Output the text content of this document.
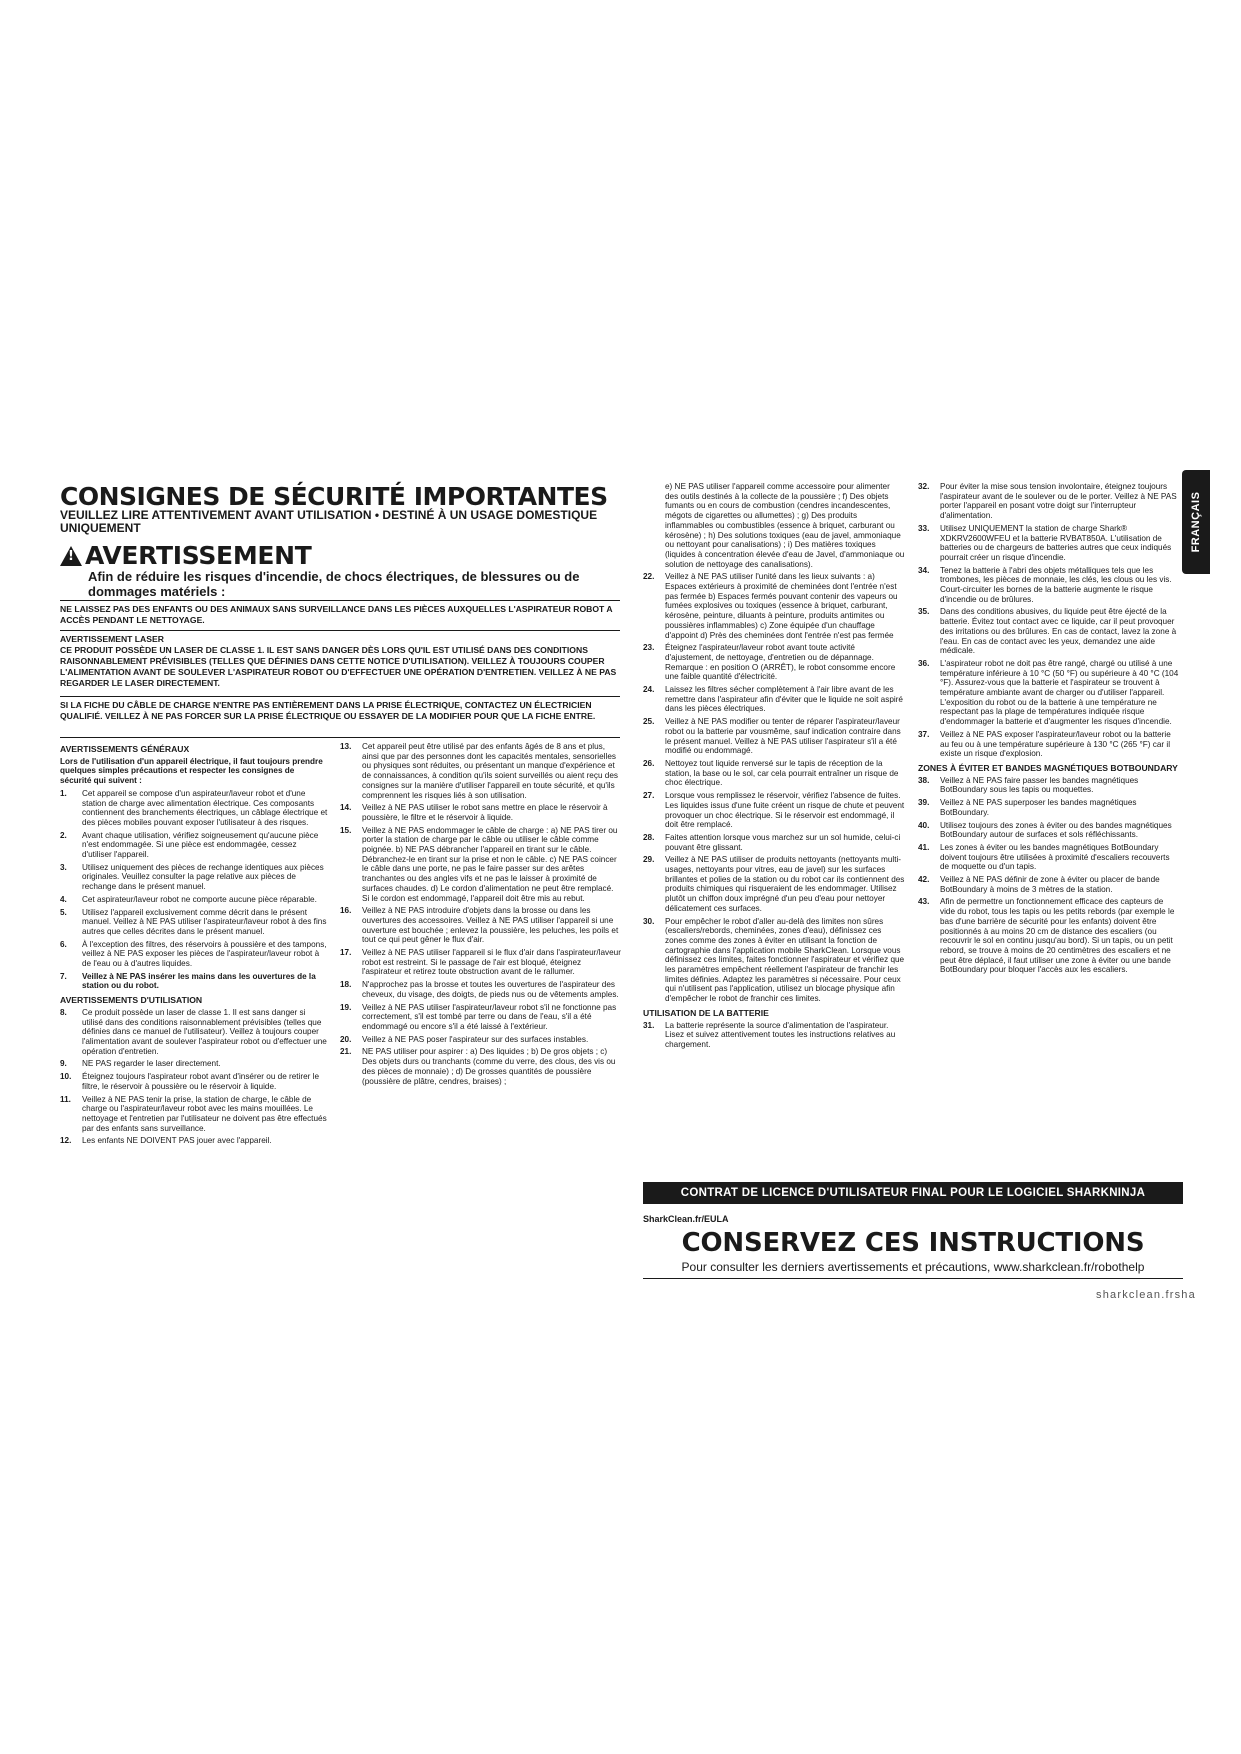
CONSIGNES DE SÉCURITÉ IMPORTANTES
VEUILLEZ LIRE ATTENTIVEMENT AVANT UTILISATION • DESTINÉ À UN USAGE DOMESTIQUE UNIQUEMENT
!
AVERTISSEMENT
Afin de réduire les risques d'incendie, de chocs électriques, de blessures ou de dommages matériels :
NE LAISSEZ PAS DES ENFANTS OU DES ANIMAUX SANS SURVEILLANCE DANS LES PIÈCES AUXQUELLES L'ASPIRATEUR ROBOT A ACCÈS PENDANT LE NETTOYAGE.
AVERTISSEMENT LASER
CE PRODUIT POSSÈDE UN LASER DE CLASSE 1. IL EST SANS DANGER DÈS LORS QU'IL EST UTILISÉ DANS DES CONDITIONS RAISONNABLEMENT PRÉVISIBLES (TELLES QUE DÉFINIES DANS CETTE NOTICE D'UTILISATION). VEILLEZ À TOUJOURS COUPER L'ALIMENTATION AVANT DE SOULEVER L'ASPIRATEUR ROBOT OU D'EFFECTUER UNE OPÉRATION D'ENTRETIEN. VEILLEZ À NE PAS REGARDER LE LASER DIRECTEMENT.
SI LA FICHE DU CÂBLE DE CHARGE N'ENTRE PAS ENTIÈREMENT DANS LA PRISE ÉLECTRIQUE, CONTACTEZ UN ÉLECTRICIEN QUALIFIÉ. VEILLEZ À NE PAS FORCER SUR LA PRISE ÉLECTRIQUE OU ESSAYER DE LA MODIFIER POUR QUE LA FICHE ENTRE.
AVERTISSEMENTS GÉNÉRAUX

Lors de l'utilisation d'un appareil électrique, il faut toujours prendre quelques simples précautions et respecter les consignes de sécurité qui suivent :

1.	Cet appareil se compose d'un aspirateur/laveur robot et d'une station de charge avec alimentation électrique. Ces composants contiennent des branchements électriques, un câblage électrique et des pièces mobiles pouvant exposer l'utilisateur à des risques.
2.	Avant chaque utilisation, vérifiez soigneusement qu'aucune pièce n'est endommagée. Si une pièce est endommagée, cessez d'utiliser l'appareil.
3.	Utilisez uniquement des pièces de rechange identiques aux pièces originales. Veuillez consulter la page relative aux pièces de rechange dans le présent manuel.
4.	Cet aspirateur/laveur robot ne comporte aucune pièce réparable.
5.	Utilisez l'appareil exclusivement comme décrit dans le présent manuel. Veillez à NE PAS utiliser l'aspirateur/laveur robot à des fins autres que celles décrites dans le présent manuel.
6.	À l'exception des filtres, des réservoirs à poussière et des tampons, veillez à NE PAS exposer les pièces de l'aspirateur/laveur robot à de l'eau ou à d'autres liquides.
7.	Veillez à NE PAS insérer les mains dans les ouvertures de la station ou du robot.
AVERTISSEMENTS D'UTILISATION
8.	Ce produit possède un laser de classe 1. Il est sans danger si utilisé dans des conditions raisonnablement prévisibles (telles que définies dans ce manuel de l'utilisateur). Veillez à toujours couper l'alimentation avant de soulever l'aspirateur robot ou d'effectuer une opération d'entretien.
9.	NE PAS regarder le laser directement.
10.	Éteignez toujours l'aspirateur robot avant d'insérer ou de retirer le filtre, le réservoir à poussière ou le réservoir à liquide.
11.	Veillez à NE PAS tenir la prise, la station de charge, le câble de charge ou l'aspirateur/laveur robot avec les mains mouillées. Le nettoyage et l'entretien par l'utilisateur ne doivent pas être effectués par des enfants sans surveillance.
12.	Les enfants NE DOIVENT PAS jouer avec l'appareil.
13.	Cet appareil peut être utilisé par des enfants âgés de 8 ans et plus, ainsi que par des personnes dont les capacités mentales, sensorielles ou physiques sont réduites, ou présentant un manque d'expérience et de connaissances, à condition qu'ils soient surveillés ou aient reçu des consignes sur la manière d'utiliser l'appareil en toute sécurité, et qu'ils comprennent les risques liés à son utilisation.
14.	Veillez à NE PAS utiliser le robot sans mettre en place le réservoir à poussière, le filtre et le réservoir à liquide.
15.	Veillez à NE PAS endommager le câble de charge : a) NE PAS tirer ou porter la station de charge par le câble ou utiliser le câble comme poignée. b) NE PAS débrancher l'appareil en tirant sur le câble. Débranchez-le en tirant sur la prise et non le câble. c) NE PAS coincer le câble dans une porte, ne pas le faire passer sur des arêtes tranchantes ou des angles vifs et ne pas le laisser à proximité de surfaces chaudes. d) Le cordon d'alimentation ne peut être remplacé. Si le cordon est endommagé, l'appareil doit être mis au rebut.
16.	Veillez à NE PAS introduire d'objets dans la brosse ou dans les ouvertures des accessoires. Veillez à NE PAS utiliser l'appareil si une ouverture est bouchée ; enlevez la poussière, les peluches, les poils et tout ce qui peut gêner le flux d'air.
17.	Veillez à NE PAS utiliser l'appareil si le flux d'air dans l'aspirateur/laveur robot est restreint. Si le passage de l'air est bloqué, éteignez l'aspirateur et retirez toute obstruction avant de le rallumer.
18.	N'approchez pas la brosse et toutes les ouvertures de l'aspirateur des cheveux, du visage, des doigts, de pieds nus ou de vêtements amples.
19.	Veillez à NE PAS utiliser l'aspirateur/laveur robot s'il ne fonctionne pas correctement, s'il est tombé par terre ou dans de l'eau, s'il a été endommagé ou encore s'il a été laissé à l'extérieur.
20.	Veillez à NE PAS poser l'aspirateur sur des surfaces instables.
21.	NE PAS utiliser pour aspirer : a) Des liquides ; b) De gros objets ; c) Des objets durs ou tranchants (comme du verre, des clous, des vis ou des pièces de monnaie) ; d) De grosses quantités de poussière (poussière de plâtre, cendres, braises) ;
e) NE PAS utiliser l'appareil comme accessoire pour alimenter des outils destinés à la collecte de la poussière ; f) Des objets fumants ou en cours de combustion (cendres incandescentes, mégots de cigarettes ou allumettes) ; g) Des produits inflammables ou combustibles (essence à briquet, carburant ou kérosène) ; h) Des solutions toxiques (eau de javel, ammoniaque ou nettoyant pour canalisations) ; i) Des matières toxiques (liquides à concentration élevée d'eau de Javel, d'ammoniaque ou solution de nettoyage des canalisations).
22.	Veillez à NE PAS utiliser l'unité dans les lieux suivants : a) Espaces extérieurs à proximité de cheminées dont l'entrée n'est pas fermée b) Espaces fermés pouvant contenir des vapeurs ou fumées explosives ou toxiques (essence à briquet, carburant, kérosène, peinture, diluants à peinture, produits antimites ou poussières inflammables) c) Zone équipée d'un chauffage d'appoint d) Près des cheminées dont l'entrée n'est pas fermée
23.	Éteignez l'aspirateur/laveur robot avant toute activité d'ajustement, de nettoyage, d'entretien ou de dépannage. Remarque : en position O (ARRÊT), le robot consomme encore une faible quantité d'électricité.
24.	Laissez les filtres sécher complètement à l'air libre avant de les remettre dans l'aspirateur afin d'éviter que le liquide ne soit aspiré dans les pièces électriques.
25.	Veillez à NE PAS modifier ou tenter de réparer l'aspirateur/laveur robot ou la batterie par vousmême, sauf indication contraire dans le présent manuel. Veillez à NE PAS utiliser l'aspirateur s'il a été modifié ou endommagé.
26.	Nettoyez tout liquide renversé sur le tapis de réception de la station, la base ou le sol, car cela pourrait entraîner un risque de choc électrique.
27.	Lorsque vous remplissez le réservoir, vérifiez l'absence de fuites. Les liquides issus d'une fuite créent un risque de chute et peuvent provoquer un choc électrique. Si le réservoir est endommagé, il doit être remplacé.
28.	Faites attention lorsque vous marchez sur un sol humide, celui-ci pouvant être glissant.
29.	Veillez à NE PAS utiliser de produits nettoyants (nettoyants multi-usages, nettoyants pour vitres, eau de javel) sur les surfaces brillantes et polies de la station ou du robot car ils contiennent des produits chimiques qui risqueraient de les endommager. Utilisez plutôt un chiffon doux imprégné d'un peu d'eau pour nettoyer délicatement ces surfaces.
30.	Pour empêcher le robot d'aller au-delà des limites non sûres (escaliers/rebords, cheminées, zones d'eau), définissez ces zones comme des zones à éviter en utilisant la fonction de cartographie dans l'application mobile SharkClean. Lorsque vous définissez ces limites, faites fonctionner l'aspirateur et vérifiez que les paramètres empêchent réellement l'aspirateur de franchir les limites définies. Adaptez les paramètres si nécessaire. Pour ceux qui n'utilisent pas l'application, utilisez un blocage physique afin d'empêcher le robot de franchir ces limites.
UTILISATION DE LA BATTERIE
31.	La batterie représente la source d'alimentation de l'aspirateur. Lisez et suivez attentivement toutes les instructions relatives au chargement.
32.	Pour éviter la mise sous tension involontaire, éteignez toujours l'aspirateur avant de le soulever ou de le porter. Veillez à NE PAS porter l'appareil en posant votre doigt sur l'interrupteur d'alimentation.
33.	Utilisez UNIQUEMENT la station de charge Shark® XDKRV2600WFEU et la batterie RVBAT850A. L'utilisation de batteries ou de chargeurs de batteries autres que ceux indiqués pourrait créer un risque d'incendie.
34.	Tenez la batterie à l'abri des objets métalliques tels que les trombones, les pièces de monnaie, les clés, les clous ou les vis. Court-circuiter les bornes de la batterie augmente le risque d'incendie ou de brûlures.
35.	Dans des conditions abusives, du liquide peut être éjecté de la batterie. Évitez tout contact avec ce liquide, car il peut provoquer des irritations ou des brûlures. En cas de contact, lavez la zone à l'eau. En cas de contact avec les yeux, demandez une aide médicale.
36.	L'aspirateur robot ne doit pas être rangé, chargé ou utilisé à une température inférieure à 10 °C (50 °F) ou supérieure à 40 °C (104 °F). Assurez-vous que la batterie et l'aspirateur se trouvent à température ambiante avant de charger ou d'utiliser l'appareil. L'exposition du robot ou de la batterie à une température ne respectant pas la plage de températures indiquée risque d'endommager la batterie et d'augmenter les risques d'incendie.
37.	Veillez à NE PAS exposer l'aspirateur/laveur robot ou la batterie au feu ou à une température supérieure à 130 °C (265 °F) car il existe un risque d'explosion.
ZONES À ÉVITER ET BANDES MAGNÉTIQUES BOTBOUNDARY
38.	Veillez à NE PAS faire passer les bandes magnétiques BotBoundary sous les tapis ou moquettes.
39.	Veillez à NE PAS superposer les bandes magnétiques BotBoundary.
40.	Utilisez toujours des zones à éviter ou des bandes magnétiques BotBoundary autour de surfaces et sols réfléchissants.
41.	Les zones à éviter ou les bandes magnétiques BotBoundary doivent toujours être utilisées à proximité d'escaliers recouverts de moquette ou d'un tapis.
42.	Veillez à NE PAS définir de zone à éviter ou placer de bande BotBoundary à moins de 3 mètres de la station.
43.	Afin de permettre un fonctionnement efficace des capteurs de vide du robot, tous les tapis ou les petits rebords (par exemple le bas d'une barrière de sécurité pour les enfants) doivent être positionnés à au moins 20 cm de distance des escaliers (ou recouvrir le sol en continu jusqu'au bord). Si un tapis, ou un petit rebord, se trouve à moins de 20 centimètres des escaliers et ne peut être déplacé, il faut utiliser une zone à éviter ou une bande BotBoundary pour bloquer l'accès aux les escaliers.
FRANÇAIS
CONTRAT DE LICENCE D'UTILISATEUR FINAL POUR LE LOGICIEL SHARKNINJA
SharkClean.fr/EULA
CONSERVEZ CES INSTRUCTIONS
Pour consulter les derniers avertissements et précautions, www.sharkclean.fr/robothelp
sharkclean.frsha
